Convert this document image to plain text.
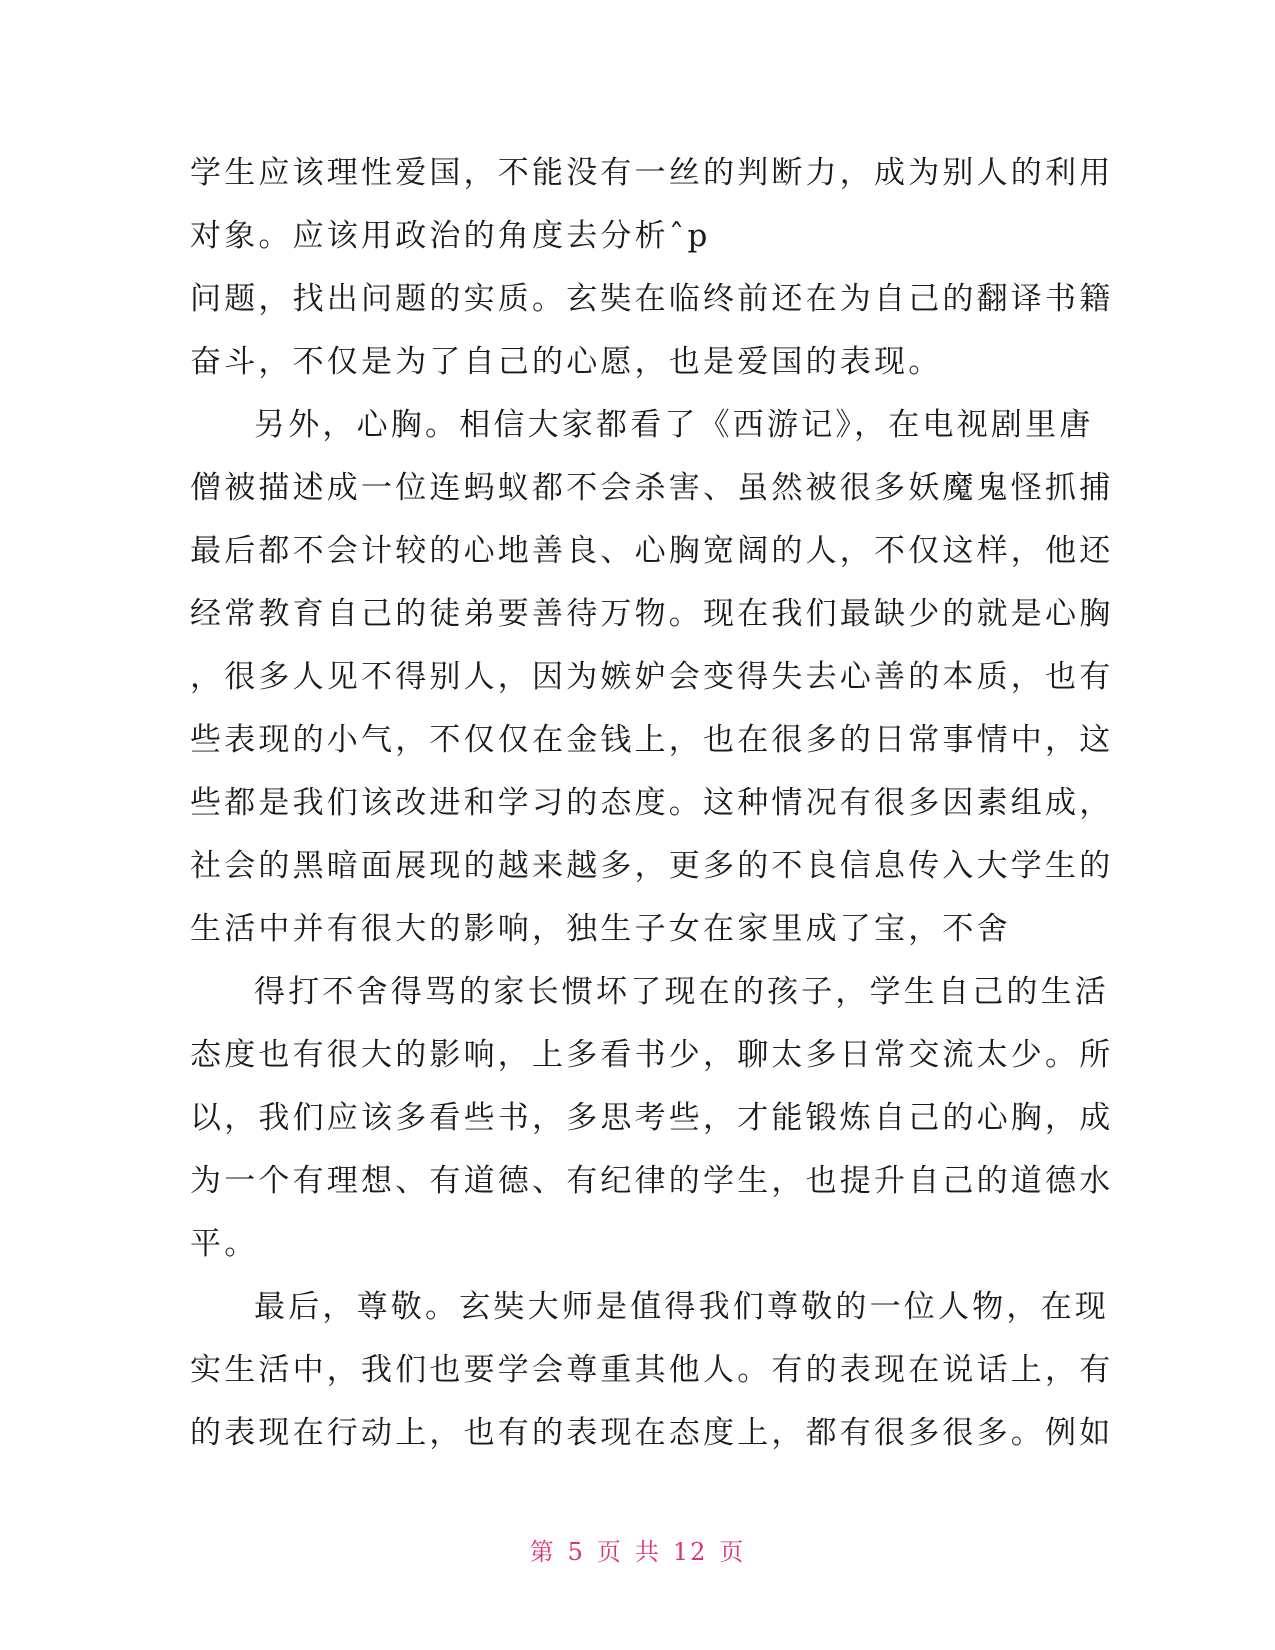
学生应该理性爱国，不能没有一丝的判断力，成为别人的利用
对象。应该用政治的角度去分析ˆp
问题，找出问题的实质。玄奘在临终前还在为自己的翻译书籍
奋斗，不仅是为了自己的心愿，也是爱国的表现。
另外，心胸。相信大家都看了《西游记》，在电视剧里唐
僧被描述成一位连蚂蚁都不会杀害、虽然被很多妖魔鬼怪抓捕
最后都不会计较的心地善良、心胸宽阔的人，不仅这样，他还
经常教育自己的徒弟要善待万物。现在我们最缺少的就是心胸
，很多人见不得别人，因为嫉妒会变得失去心善的本质，也有
些表现的小气，不仅仅在金钱上，也在很多的日常事情中，这
些都是我们该改进和学习的态度。这种情况有很多因素组成，
社会的黑暗面展现的越来越多，更多的不良信息传入大学生的
生活中并有很大的影响，独生子女在家里成了宝，不舍
得打不舍得骂的家长惯坏了现在的孩子，学生自己的生活
态度也有很大的影响，上多看书少，聊太多日常交流太少。所
以，我们应该多看些书，多思考些，才能锻炼自己的心胸，成
为一个有理想、有道德、有纪律的学生，也提升自己的道德水
平。
最后，尊敬。玄奘大师是值得我们尊敬的一位人物，在现
实生活中，我们也要学会尊重其他人。有的表现在说话上，有
的表现在行动上，也有的表现在态度上，都有很多很多。例如
第 5 页 共 12 页
